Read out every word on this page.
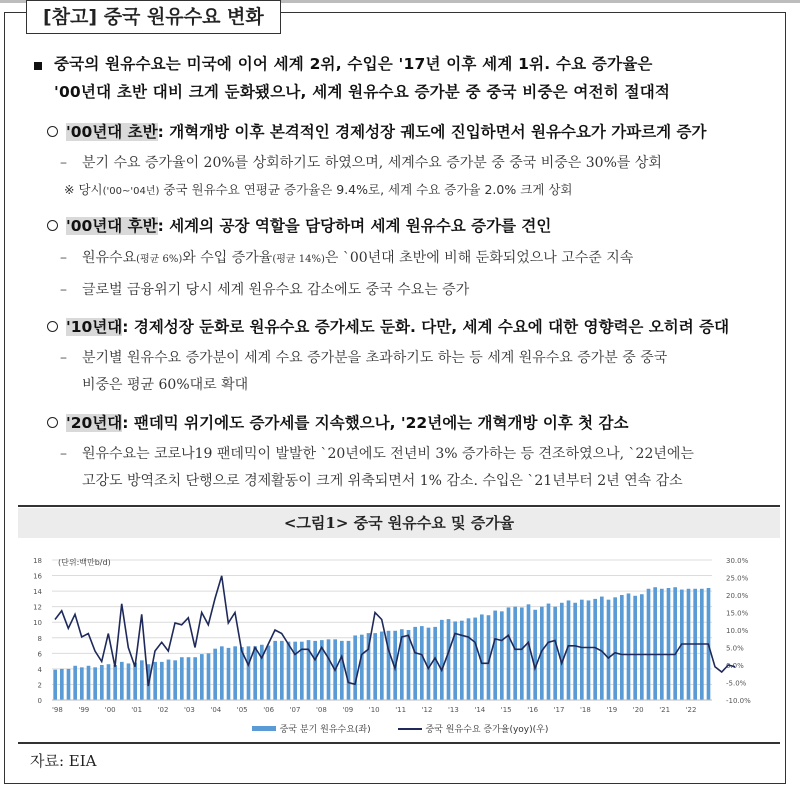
[참고] 중국 원유수요 변화
중국의 원유수요는 미국에 이어 세계 2위, 수입은 '17년 이후 세계 1위. 수요 증가율은
'00년대 초반 대비 크게 둔화됐으나, 세계 원유수요 증가분 중 중국 비중은 여전히 절대적
'00년대 초반: 개혁개방 이후 본격적인 경제성장 궤도에 진입하면서 원유수요가 가파르게 증가
– 분기 수요 증가율이 20%를 상회하기도 하였으며, 세계수요 증가분 중 중국 비중은 30%를 상회
※ 당시('00~'04년) 중국 원유수요 연평균 증가율은 9.4%로, 세계 수요 증가율 2.0% 크게 상회
'00년대 후반: 세계의 공장 역할을 담당하며 세계 원유수요 증가를 견인
– 원유수요(평균 6%)와 수입 증가율(평균 14%)은 `00년대 초반에 비해 둔화되었으나 고수준 지속
– 글로벌 금융위기 당시 세계 원유수요 감소에도 중국 수요는 증가
'10년대: 경제성장 둔화로 원유수요 증가세도 둔화. 다만, 세계 수요에 대한 영향력은 오히려 증대
– 분기별 원유수요 증가분이 세계 수요 증가분을 초과하기도 하는 등 세계 원유수요 증가분 중 중국
비중은 평균 60%대로 확대
'20년대: 팬데믹 위기에도 증가세를 지속했으나, '22년에는 개혁개방 이후 첫 감소
– 원유수요는 코로나19 팬데믹이 발발한 `20년에도 전년비 3% 증가하는 등 견조하였으나, `22년에는
고강도 방역조치 단행으로 경제활동이 크게 위축되면서 1% 감소. 수입은 `21년부터 2년 연속 감소
<그림1> 중국 원유수요 및 증가율
0
2
4
6
8
10
12
14
16
18	30.0%
25.0%
20.0%
15.0%
10.0%
5.0%
0.0%
-5.0%
-10.0%
(단위:백만b/d)
'98 '99 '00 '01 '02 '03 '04 '05 '06 '07 '08 '09 '10 '11 '12 '13 '14 '15 '16 '17 '18 '19 '20 '21 '22
중국 분기 원유수요(좌)	중국 원유수요 증가율(yoy)(우)
자료: EIA
